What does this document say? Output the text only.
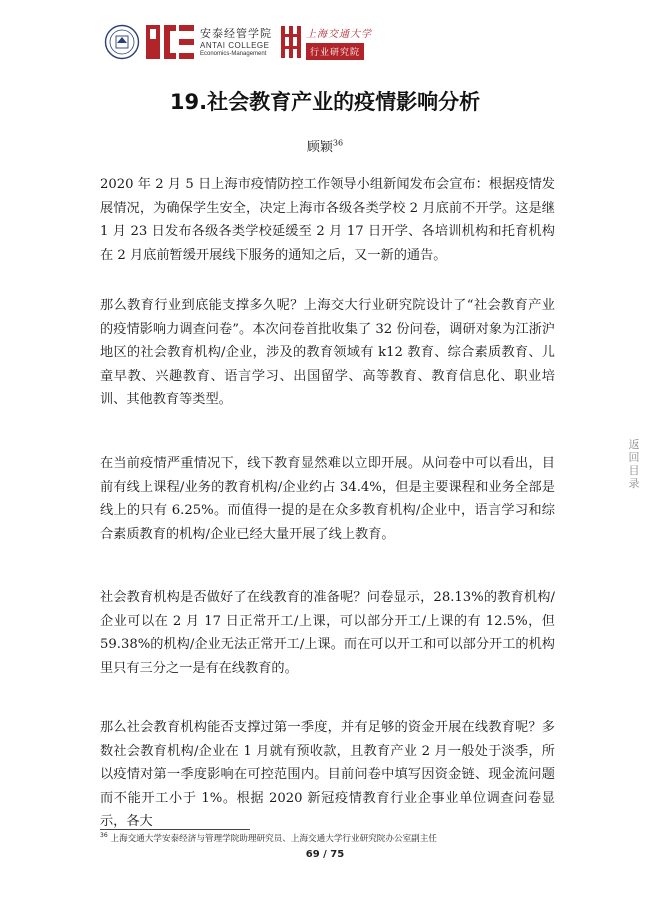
安泰经管学院
ANTAI COLLEGE
Economics-Management
上海交通大学
行业研究院
19.社会教育产业的疫情影响分析
顾颖$^{36}$

2020 年 2 月 5 日上海市疫情防控工作领导小组新闻发布会宣布：根据疫情发展情况，为确保学生安全，决定上海市各级各类学校 2 月底前不开学。这是继 1 月 23 日发布各级各类学校延缓至 2 月 17 日开学、各培训机构和托育机构在 2 月底前暂缓开展线下服务的通知之后，又一新的通告。

那么教育行业到底能支撑多久呢？上海交大行业研究院设计了“社会教育产业的疫情影响力调查问卷”。本次问卷首批收集了 32 份问卷，调研对象为江浙沪地区的社会教育机构/企业，涉及的教育领域有 k12 教育、综合素质教育、儿童早教、兴趣教育、语言学习、出国留学、高等教育、教育信息化、职业培训、其他教育等类型。

在当前疫情严重情况下，线下教育显然难以立即开展。从问卷中可以看出，目前有线上课程/业务的教育机构/企业约占 34.4%，但是主要课程和业务全部是线上的只有 6.25%。而值得一提的是在众多教育机构/企业中，语言学习和综合素质教育的机构/企业已经大量开展了线上教育。

社会教育机构是否做好了在线教育的准备呢？问卷显示，28.13%的教育机构/企业可以在 2 月 17 日正常开工/上课，可以部分开工/上课的有 12.5%，但 59.38%的机构/企业无法正常开工/上课。而在可以开工和可以部分开工的机构里只有三分之一是有在线教育的。

那么社会教育机构能否支撑过第一季度，并有足够的资金开展在线教育呢？多数社会教育机构/企业在 1 月就有预收款，且教育产业 2 月一般处于淡季，所以疫情对第一季度影响在可控范围内。目前问卷中填写因资金链、现金流问题而不能开工小于 1%。根据 2020 新冠疫情教育行业企事业单位调查问卷显示，各大

返
回
目
录
$^{36}$ 上海交通大学安泰经济与管理学院助理研究员、上海交通大学行业研究院办公室副主任
69 / 75
